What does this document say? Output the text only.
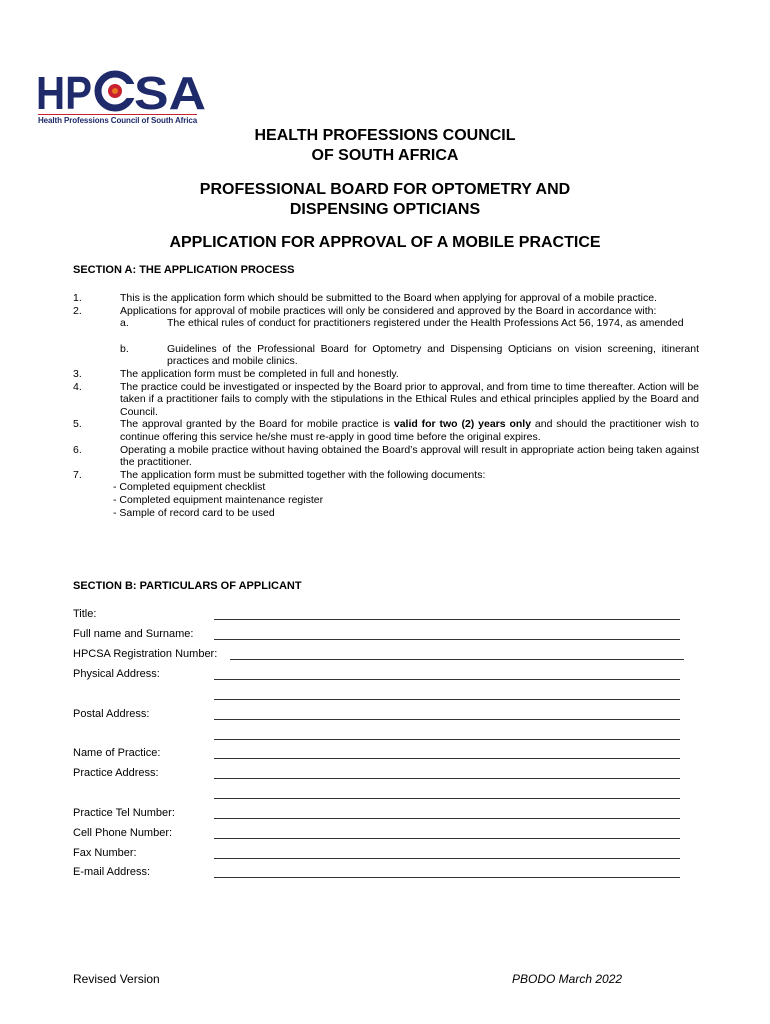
HP SA
Health Professions Council of South Africa
HEALTH PROFESSIONS COUNCIL
OF SOUTH AFRICA
PROFESSIONAL BOARD FOR OPTOMETRY AND
DISPENSING OPTICIANS
APPLICATION FOR APPROVAL OF A MOBILE PRACTICE
SECTION A: THE APPLICATION PROCESS
1.	This is the application form which should be submitted to the Board when applying for approval of a mobile practice.
2.	Applications for approval of mobile practices will only be considered and approved by the Board in accordance with:
a.	The ethical rules of conduct for practitioners registered under the Health Professions Act 56, 1974, as amended
b.	Guidelines of the Professional Board for Optometry and Dispensing Opticians on vision screening, itinerant practices and mobile clinics.
3.	The application form must be completed in full and honestly.
4.	The practice could be investigated or inspected by the Board prior to approval, and from time to time thereafter. Action will be taken if a practitioner fails to comply with the stipulations in the Ethical Rules and ethical principles applied by the Board and Council.
5.	The approval granted by the Board for mobile practice is valid for two (2) years only and should the practitioner wish to continue offering this service he/she must re-apply in good time before the original expires.
6.	Operating a mobile practice without having obtained the Board’s approval will result in appropriate action being taken against the practitioner.
7.	The application form must be submitted together with the following documents:
- Completed equipment checklist
- Completed equipment maintenance register
- Sample of record card to be used
SECTION B: PARTICULARS OF APPLICANT
Title:
Full name and Surname:
HPCSA Registration Number:
Physical Address:
Postal Address:
Name of Practice:
Practice Address:
Practice Tel Number:
Cell Phone Number:
Fax Number:
E-mail Address:
Revised Version	PBODO March 2022
